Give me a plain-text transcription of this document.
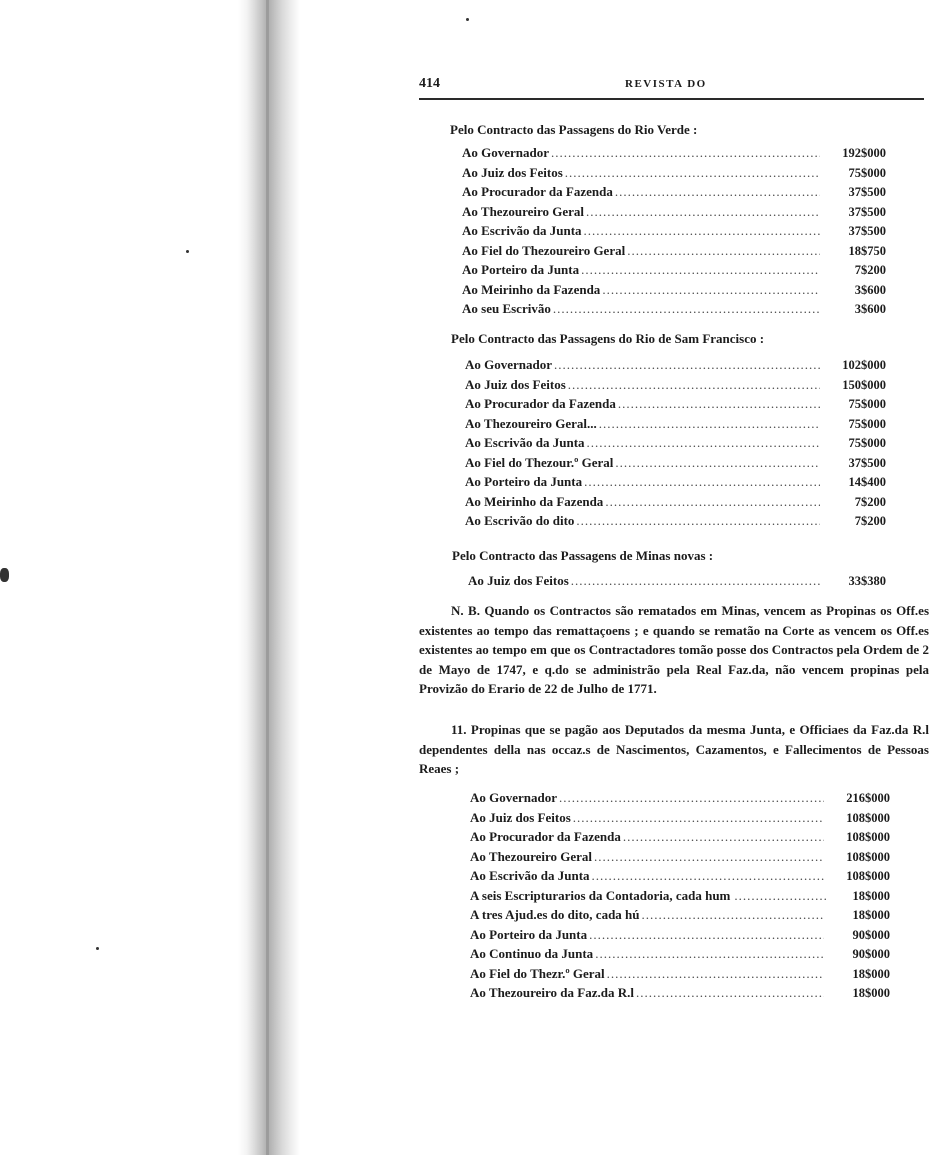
414	REVISTA DO
Pelo Contracto das Passagens do Rio Verde :
Ao Governador .....	192$000
Ao Juiz dos Feitos .....	75$000
Ao Procurador da Fazenda .....	37$500
Ao Thezoureiro Geral .....	37$500
Ao Escrivão da Junta .....	37$500
Ao Fiel do Thezoureiro Geral .....	18$750
Ao Porteiro da Junta .....	7$200
Ao Meirinho da Fazenda .....	3$600
Ao seu Escrivão .....	3$600
Pelo Contracto das Passagens do Rio de Sam Francisco :
Ao Governador .....	102$000
Ao Juiz dos Feitos .....	150$000
Ao Procurador da Fazenda .....	75$000
Ao Thezoureiro Geral... .....	75$000
Ao Escrivão da Junta .....	75$000
Ao Fiel do Thezour.º Geral .....	37$500
Ao Porteiro da Junta .....	14$400
Ao Meirinho da Fazenda .....	7$200
Ao Escrivão do dito .....	7$200
Pelo Contracto das Passagens de Minas novas :
Ao Juiz dos Feitos .....	33$380
N. B. Quando os Contractos são rematados em Minas, vencem as Propinas os Off.es existentes ao tempo das remattaçoens ; e quando se rematão na Corte as vencem os Off.es existentes ao tempo em que os Contractadores tomão posse dos Contractos pela Ordem de 2 de Mayo de 1747, e q.do se administrão pela Real Faz.da, não vencem propinas pela Provizão do Erario de 22 de Julho de 1771.
11. Propinas que se pagão aos Deputados da mesma Junta, e Officiaes da Faz.da R.l dependentes della nas occaz.s de Nascimentos, Cazamentos, e Fallecimentos de Pessoas Reaes ;
Ao Governador .....	216$000
Ao Juiz dos Feitos .....	108$000
Ao Procurador da Fazenda .....	108$000
Ao Thezoureiro Geral .....	108$000
Ao Escrivão da Junta .....	108$000
A seis Escripturarios da Contadoria, cada hum .....	18$000
A tres Ajud.es do dito, cada hú .....	18$000
Ao Porteiro da Junta .....	90$000
Ao Continuo da Junta .....	90$000
Ao Fiel do Thezr.º Geral .....	18$000
Ao Thezoureiro da Faz.da R.l .....	18$000
